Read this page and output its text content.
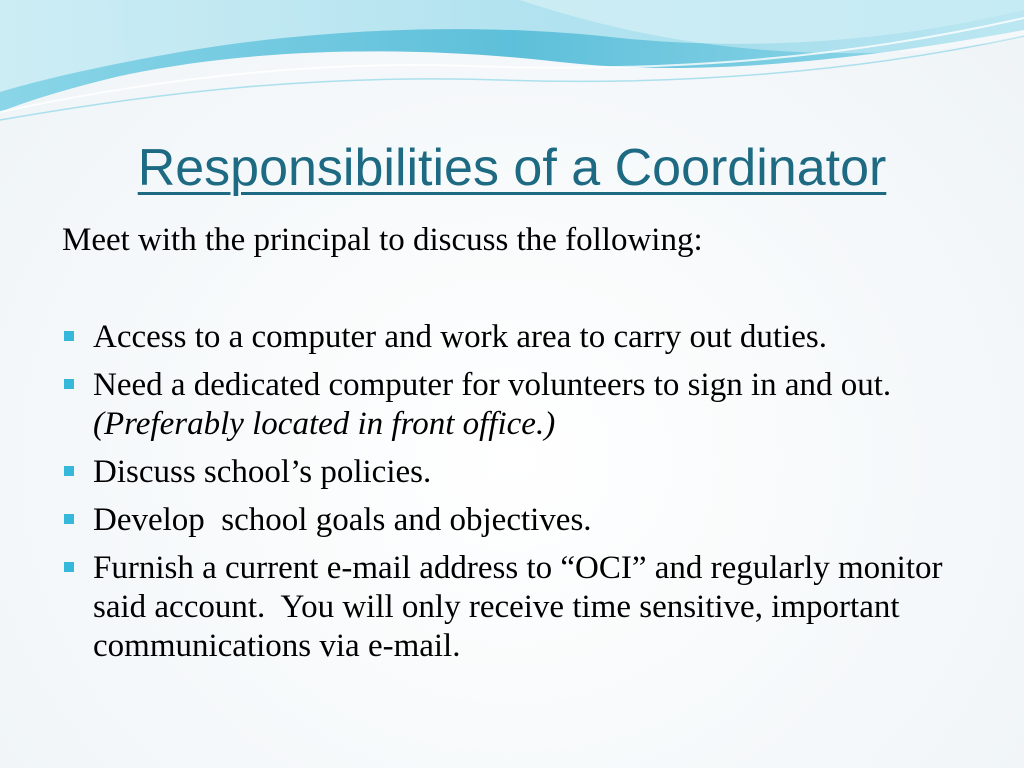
Responsibilities of a Coordinator
Meet with the principal to discuss the following:
Access to a computer and work area to carry out duties.
Need a dedicated computer for volunteers to sign in and out.  (Preferably located in front office.)
Discuss school’s policies.
Develop  school goals and objectives.
Furnish a current e-mail address to “OCI” and regularly monitor said account.  You will only receive time sensitive, important communications via e-mail.
